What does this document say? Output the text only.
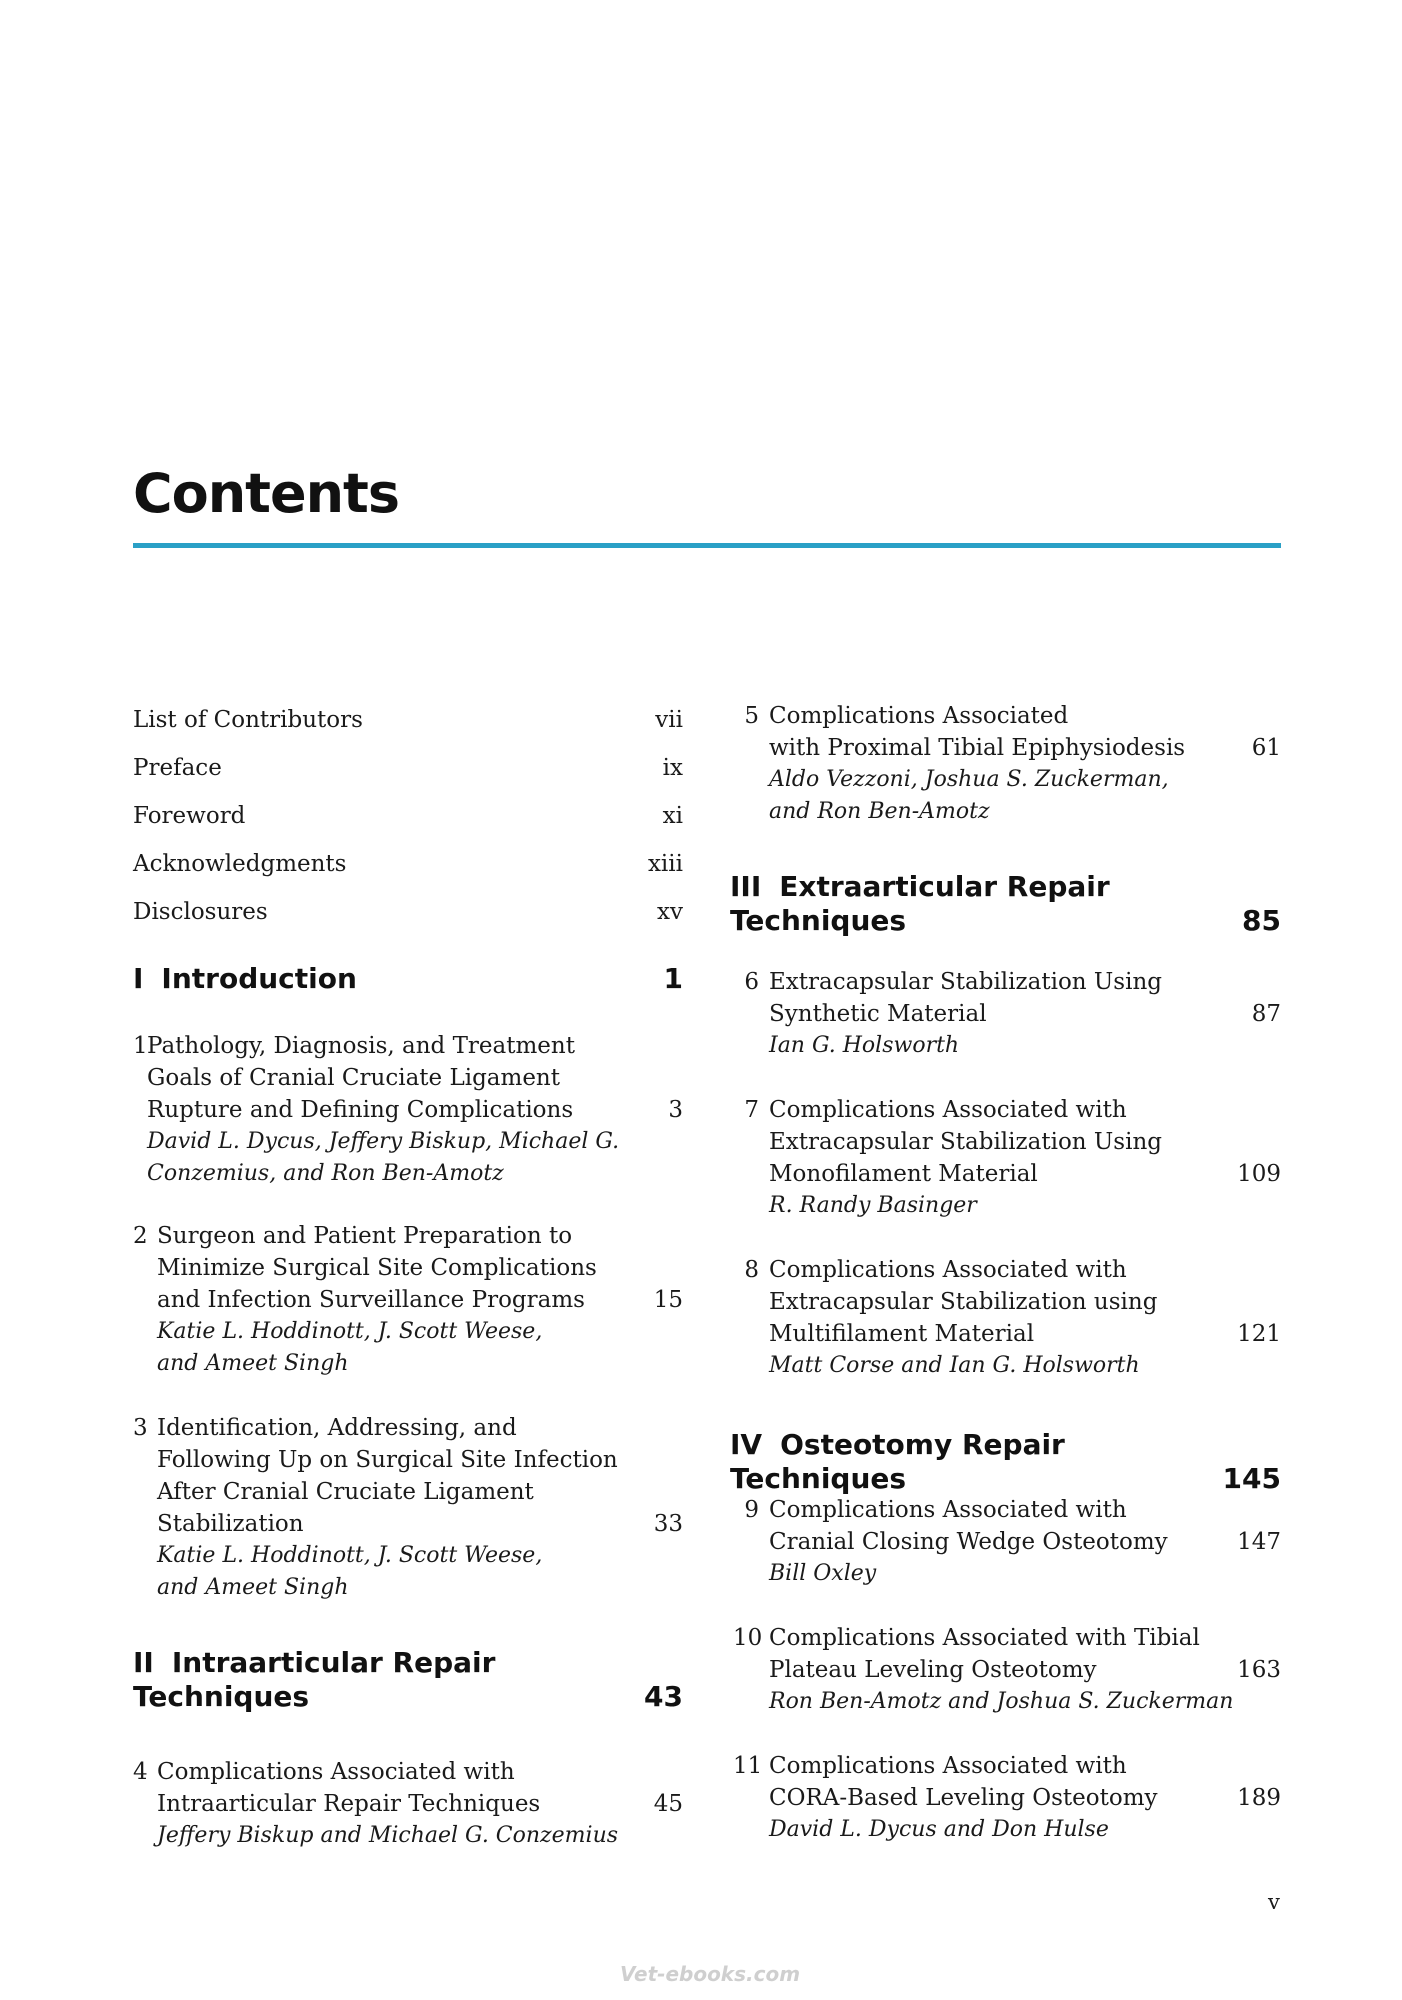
Contents
List of Contributors	vii
Preface	ix
Foreword	xi
Acknowledgments	xiii
Disclosures	xv
I Introduction	1
1 Pathology, Diagnosis, and Treatment
Goals of Cranial Cruciate Ligament
Rupture and Defining Complications	3
David L. Dycus, Jeffery Biskup, Michael G.
Conzemius, and Ron Ben-Amotz
2 Surgeon and Patient Preparation to
Minimize Surgical Site Complications
and Infection Surveillance Programs	15
Katie L. Hoddinott, J. Scott Weese,
and Ameet Singh
3 Identification, Addressing, and
Following Up on Surgical Site Infection
After Cranial Cruciate Ligament
Stabilization	33
Katie L. Hoddinott, J. Scott Weese,
and Ameet Singh
II Intraarticular Repair
Techniques	43
4 Complications Associated with
Intraarticular Repair Techniques	45
Jeffery Biskup and Michael G. Conzemius
5 Complications Associated
with Proximal Tibial Epiphysiodesis	61
Aldo Vezzoni, Joshua S. Zuckerman,
and Ron Ben-Amotz
III Extraarticular Repair
Techniques	85
6 Extracapsular Stabilization Using
Synthetic Material	87
Ian G. Holsworth
7 Complications Associated with
Extracapsular Stabilization Using
Monofilament Material	109
R. Randy Basinger
8 Complications Associated with
Extracapsular Stabilization using
Multifilament Material	121
Matt Corse and Ian G. Holsworth
IV Osteotomy Repair Techniques	145
9 Complications Associated with
Cranial Closing Wedge Osteotomy	147
Bill Oxley
10 Complications Associated with Tibial
Plateau Leveling Osteotomy	163
Ron Ben-Amotz and Joshua S. Zuckerman
11 Complications Associated with
CORA-Based Leveling Osteotomy	189
David L. Dycus and Don Hulse
v
Vet-ebooks.com
